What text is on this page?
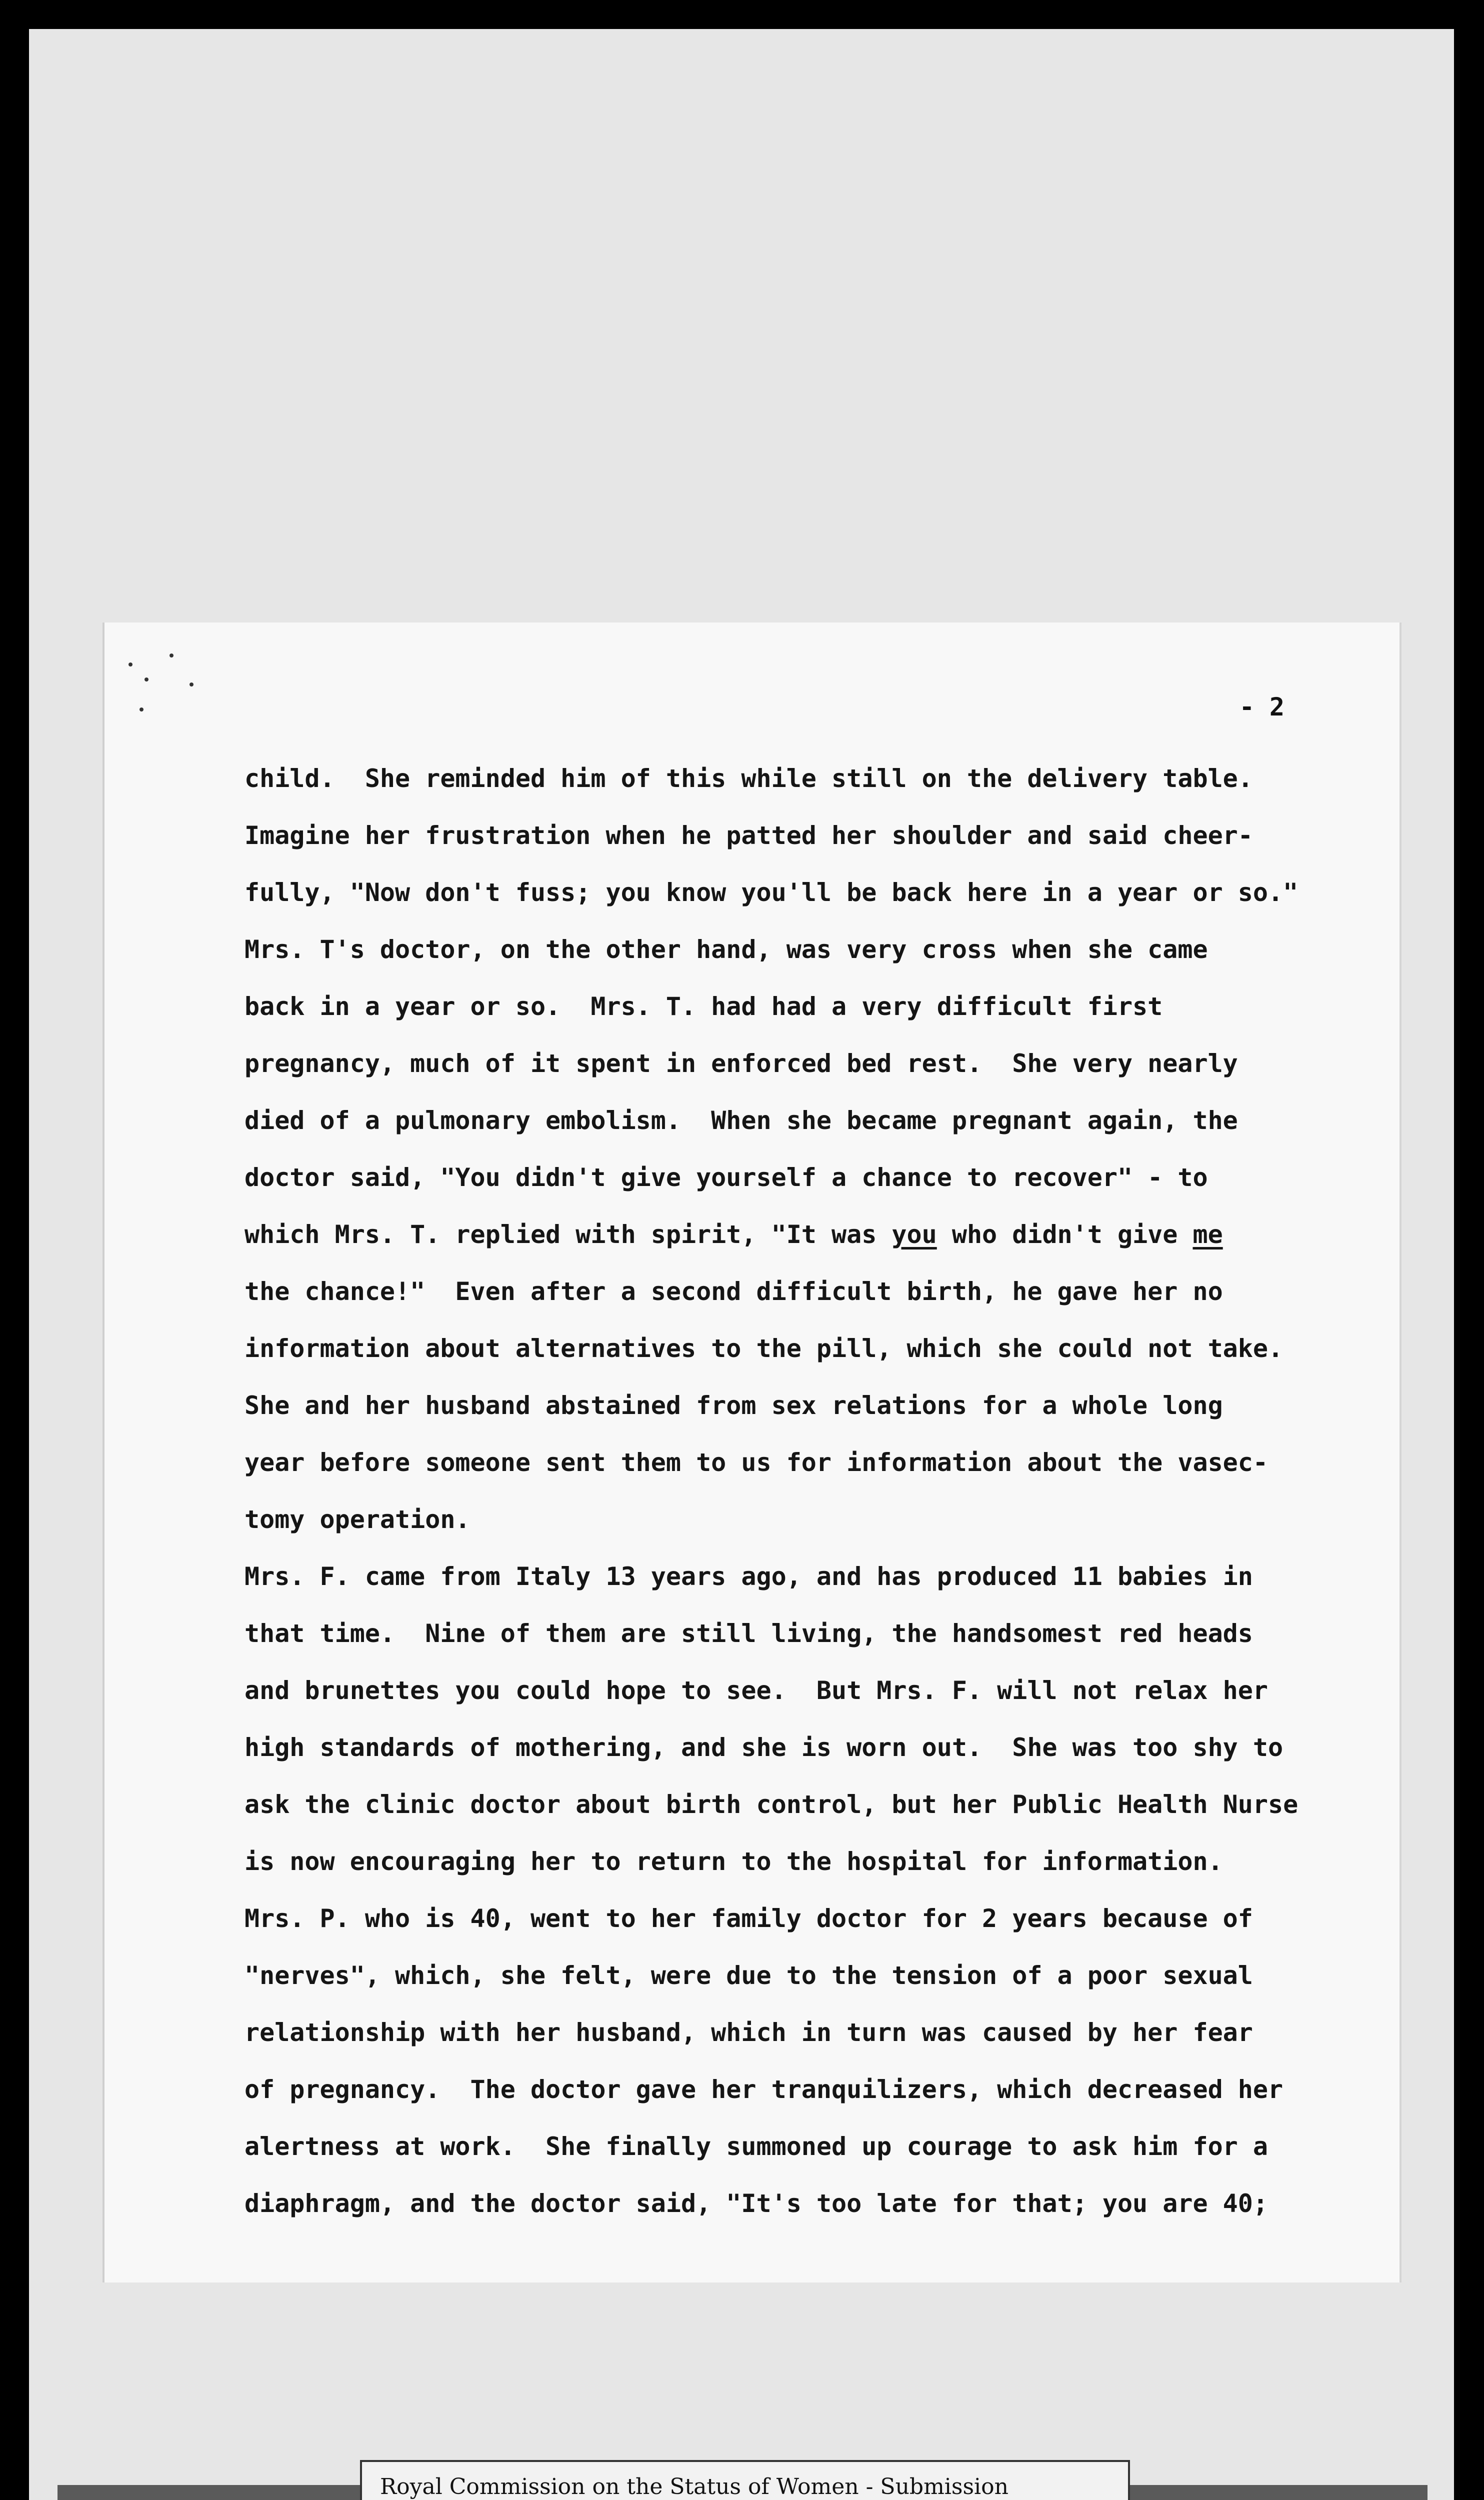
- 2

child.  She reminded him of this while still on the delivery table.
Imagine her frustration when he patted her shoulder and said cheer-
fully, "Now don't fuss; you know you'll be back here in a year or so."
Mrs. T's doctor, on the other hand, was very cross when she came
back in a year or so.  Mrs. T. had had a very difficult first
pregnancy, much of it spent in enforced bed rest.  She very nearly
died of a pulmonary embolism.  When she became pregnant again, the
doctor said, "You didn't give yourself a chance to recover" - to
which Mrs. T. replied with spirit, "It was you who didn't give me
the chance!"  Even after a second difficult birth, he gave her no
information about alternatives to the pill, which she could not take.
She and her husband abstained from sex relations for a whole long
year before someone sent them to us for information about the vasec-
tomy operation.
Mrs. F. came from Italy 13 years ago, and has produced 11 babies in
that time.  Nine of them are still living, the handsomest red heads
and brunettes you could hope to see.  But Mrs. F. will not relax her
high standards of mothering, and she is worn out.  She was too shy to
ask the clinic doctor about birth control, but her Public Health Nurse
is now encouraging her to return to the hospital for information.
Mrs. P. who is 40, went to her family doctor for 2 years because of
"nerves", which, she felt, were due to the tension of a poor sexual
relationship with her husband, which in turn was caused by her fear
of pregnancy.  The doctor gave her tranquilizers, which decreased her
alertness at work.  She finally summoned up courage to ask him for a
diaphragm, and the doctor said, "It's too late for that; you are 40;

Royal Commission on the Status of Women - Submission
